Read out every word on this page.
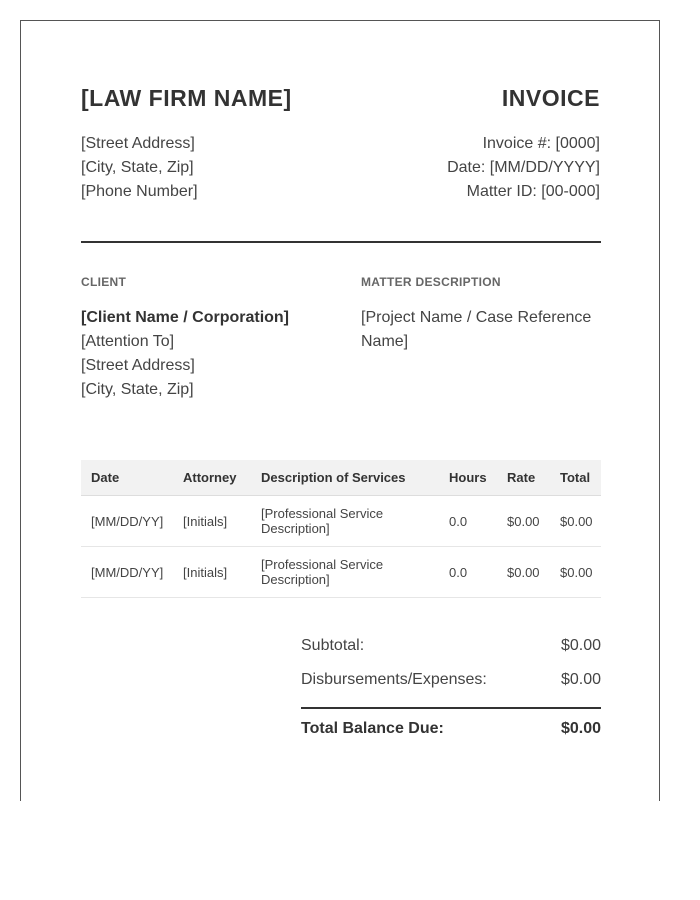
[LAW FIRM NAME]	INVOICE
[Street Address]
[City, State, Zip]
[Phone Number]
Invoice #: [0000]
Date: [MM/DD/YYYY]
Matter ID: [00-000]
CLIENT	MATTER DESCRIPTION
[Client Name / Corporation]
[Attention To]
[Street Address]
[City, State, Zip]
[Project Name / Case Reference Name]
Date	Attorney	Description of Services	Hours	Rate	Total
[MM/DD/YY]	[Initials]	[Professional Service Description]	0.0	$0.00	$0.00
[MM/DD/YY]	[Initials]	[Professional Service Description]	0.0	$0.00	$0.00
Subtotal:	$0.00
Disbursements/Expenses:	$0.00
Total Balance Due:	$0.00
